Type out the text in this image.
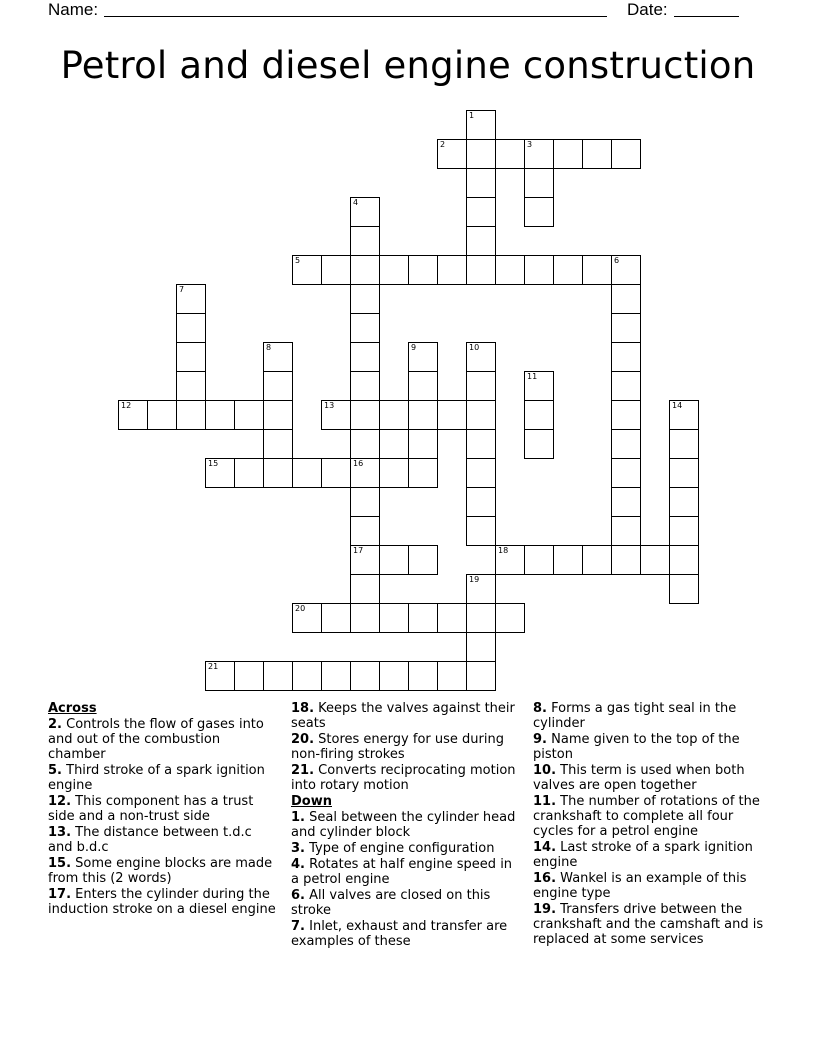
Name:	Date:
Petrol and diesel engine construction
1
2	3
4
16
17
5	6
7
8	9	10
11
12	13	14
15
18
19
20
21
Across
2. Controls the flow of gases into and out of the combustion chamber
5. Third stroke of a spark ignition engine
12. This component has a trust side and a non-trust side
13. The distance between t.d.c and b.d.c
15. Some engine blocks are made from this (2 words)
17. Enters the cylinder during the induction stroke on a diesel engine
18. Keeps the valves against their seats
20. Stores energy for use during non-firing strokes
21. Converts reciprocating motion into rotary motion
Down
1. Seal between the cylinder head and cylinder block
3. Type of engine configuration
4. Rotates at half engine speed in a petrol engine
6. All valves are closed on this stroke
7. Inlet, exhaust and transfer are examples of these
8. Forms a gas tight seal in the cylinder
9. Name given to the top of the piston
10. This term is used when both valves are open together
11. The number of rotations of the crankshaft to complete all four cycles for a petrol engine
14. Last stroke of a spark ignition engine
16. Wankel is an example of this engine type
19. Transfers drive between the crankshaft and the camshaft and is replaced at some services
